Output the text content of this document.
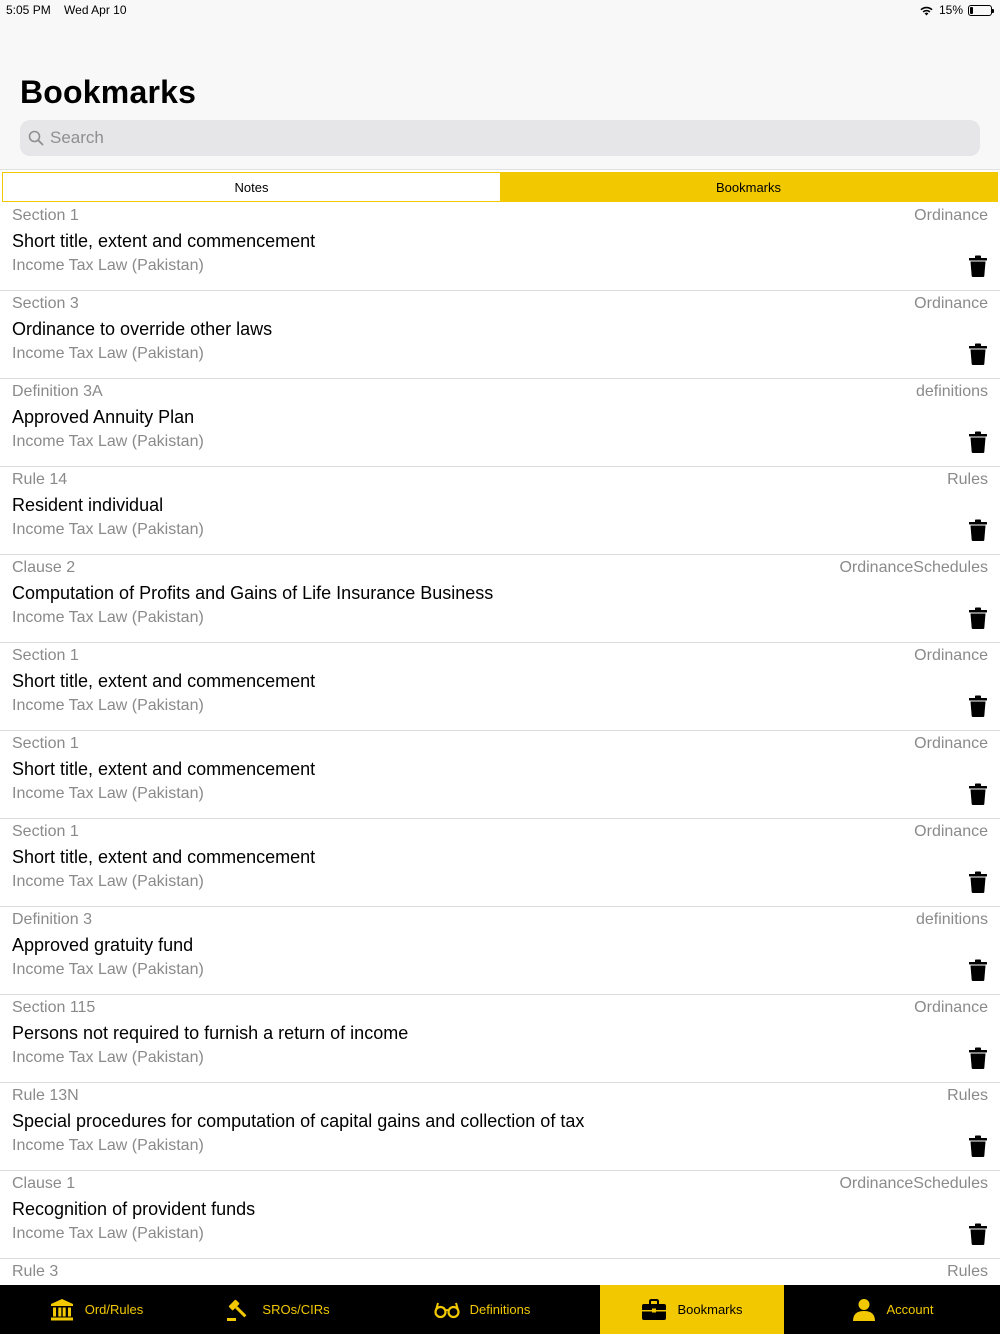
5:05 PM Wed Apr 10	15%
Bookmarks
Search
Notes	Bookmarks
Section 1	Ordinance
Short title, extent and commencement
Income Tax Law (Pakistan)
Section 3	Ordinance
Ordinance to override other laws
Income Tax Law (Pakistan)
Definition 3A	definitions
Approved Annuity Plan
Income Tax Law (Pakistan)
Rule 14	Rules
Resident individual
Income Tax Law (Pakistan)
Clause 2	OrdinanceSchedules
Computation of Profits and Gains of Life Insurance Business
Income Tax Law (Pakistan)
Section 1	Ordinance
Short title, extent and commencement
Income Tax Law (Pakistan)
Section 1	Ordinance
Short title, extent and commencement
Income Tax Law (Pakistan)
Section 1	Ordinance
Short title, extent and commencement
Income Tax Law (Pakistan)
Definition 3	definitions
Approved gratuity fund
Income Tax Law (Pakistan)
Section 115	Ordinance
Persons not required to furnish a return of income
Income Tax Law (Pakistan)
Rule 13N	Rules
Special procedures for computation of capital gains and collection of tax
Income Tax Law (Pakistan)
Clause 1	OrdinanceSchedules
Recognition of provident funds
Income Tax Law (Pakistan)
Rule 3	Rules
Ord/Rules	SROs/CIRs	Definitions	Bookmarks	Account
